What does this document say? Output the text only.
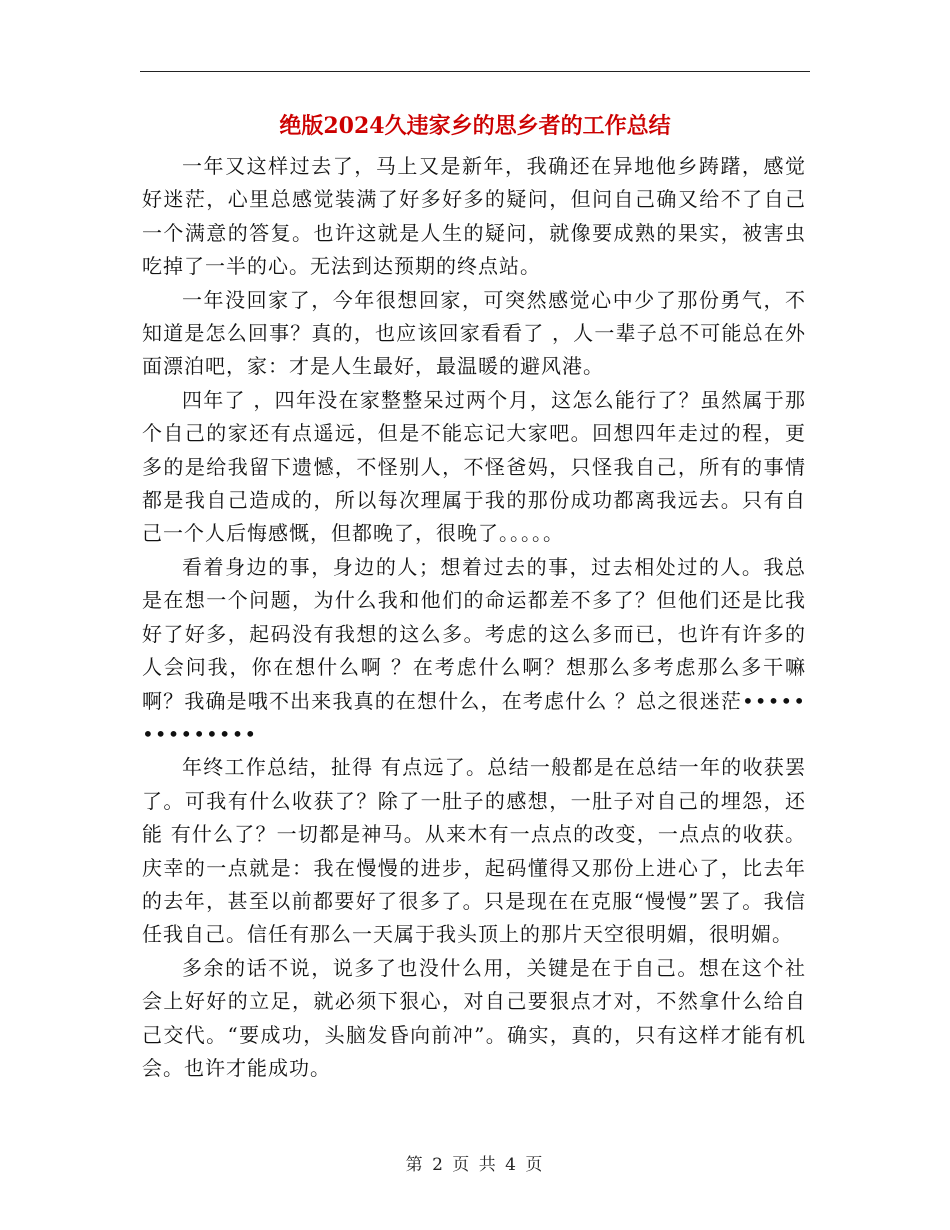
绝版2024久违家乡的思乡者的工作总结

一年又这样过去了，马上又是新年，我确还在异地他乡踌躇，感觉好迷茫，心里总感觉装满了好多好多的疑问，但问自己确又给不了自己一个满意的答复。也许这就是人生的疑问，就像要成熟的果实，被害虫吃掉了一半的心。无法到达预期的终点站。

一年没回家了，今年很想回家，可突然感觉心中少了那份勇气，不知道是怎么回事？真的，也应该回家看看了 ，人一辈子总不可能总在外面漂泊吧，家：才是人生最好，最温暖的避风港。

四年了 ，四年没在家整整呆过两个月，这怎么能行了？虽然属于那个自己的家还有点遥远，但是不能忘记大家吧。回想四年走过的程，更多的是给我留下遗憾，不怪别人，不怪爸妈，只怪我自己，所有的事情都是我自己造成的，所以每次理属于我的那份成功都离我远去。只有自己一个人后悔感慨，但都晚了，很晚了。。。。。

看着身边的事，身边的人；想着过去的事，过去相处过的人。我总是在想一个问题，为什么我和他们的命运都差不多了？但他们还是比我好了好多，起码没有我想的这么多。考虑的这么多而已，也许有许多的人会问我，你在想什么啊 ？在考虑什么啊？想那么多考虑那么多干嘛啊？我确是哦不出来我真的在想什么，在考虑什么 ？总之很迷茫••••••••••••••

年终工作总结，扯得 有点远了。总结一般都是在总结一年的收获罢了。可我有什么收获了？除了一肚子的感想，一肚子对自己的埋怨，还能 有什么了？一切都是神马。从来木有一点点的改变，一点点的收获。庆幸的一点就是：我在慢慢的进步，起码懂得又那份上进心了，比去年的去年，甚至以前都要好了很多了。只是现在在克服“慢慢”罢了。我信任我自己。信任有那么一天属于我头顶上的那片天空很明媚，很明媚。

多余的话不说，说多了也没什么用，关键是在于自己。想在这个社会上好好的立足，就必须下狠心，对自己要狠点才对，不然拿什么给自己交代。“要成功，头脑发昏向前冲”。确实，真的，只有这样才能有机会。也许才能成功。

第 2 页 共 4 页
